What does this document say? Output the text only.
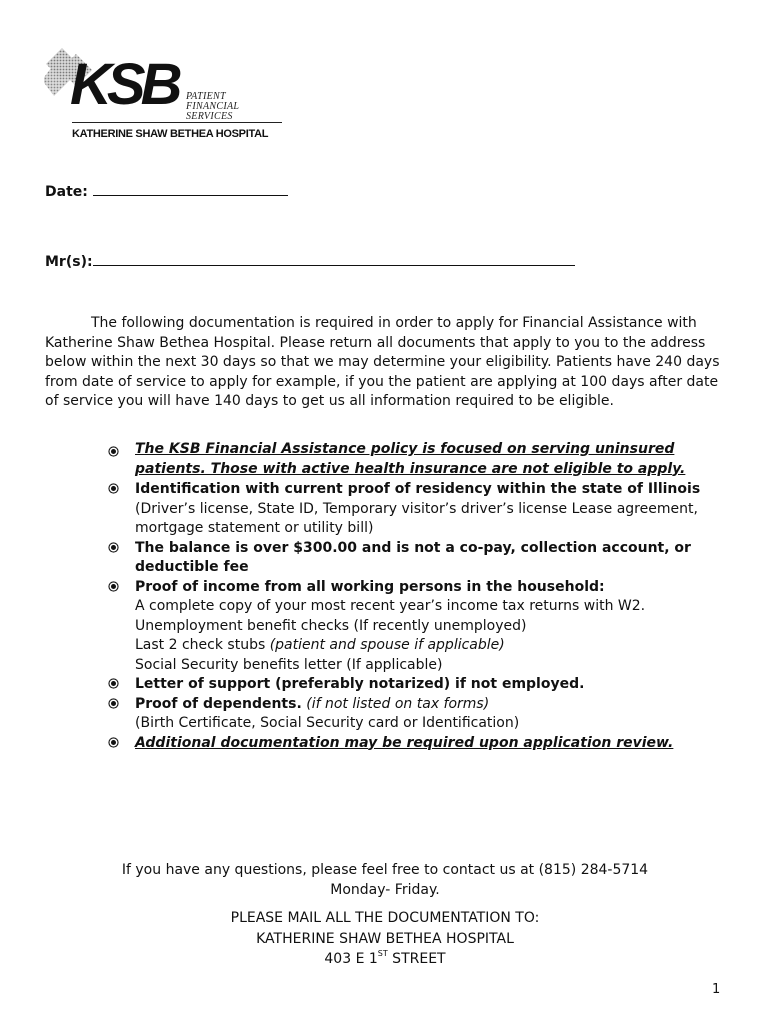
KSB PATIENT
FINANCIAL
SERVICES
KATHERINE SHAW BETHEA HOSPITAL
Date:
Mr(s):
The following documentation is required in order to apply for Financial Assistance with Katherine Shaw Bethea Hospital. Please return all documents that apply to you to the address below within the next 30 days so that we may determine your eligibility. Patients have 240 days from date of service to apply for example, if you the patient are applying at 100 days after date of service you will have 140 days to get us all information required to be eligible.
The KSB Financial Assistance policy is focused on serving uninsured patients. Those with active health insurance are not eligible to apply.
Identification with current proof of residency within the state of Illinois
(Driver’s license, State ID, Temporary visitor’s driver’s license Lease agreement, mortgage statement or utility bill)
The balance is over $300.00 and is not a co-pay, collection account, or deductible fee
Proof of income from all working persons in the household:
A complete copy of your most recent year’s income tax returns with W2.
Unemployment benefit checks (If recently unemployed)
Last 2 check stubs (patient and spouse if applicable)
Social Security benefits letter (If applicable)
Letter of support (preferably notarized) if not employed.
Proof of dependents. (if not listed on tax forms)
(Birth Certificate, Social Security card or Identification)
Additional documentation may be required upon application review.
If you have any questions, please feel free to contact us at (815) 284-5714
Monday- Friday.
PLEASE MAIL ALL THE DOCUMENTATION TO:
KATHERINE SHAW BETHEA HOSPITAL
403 E 1ST STREET
1
